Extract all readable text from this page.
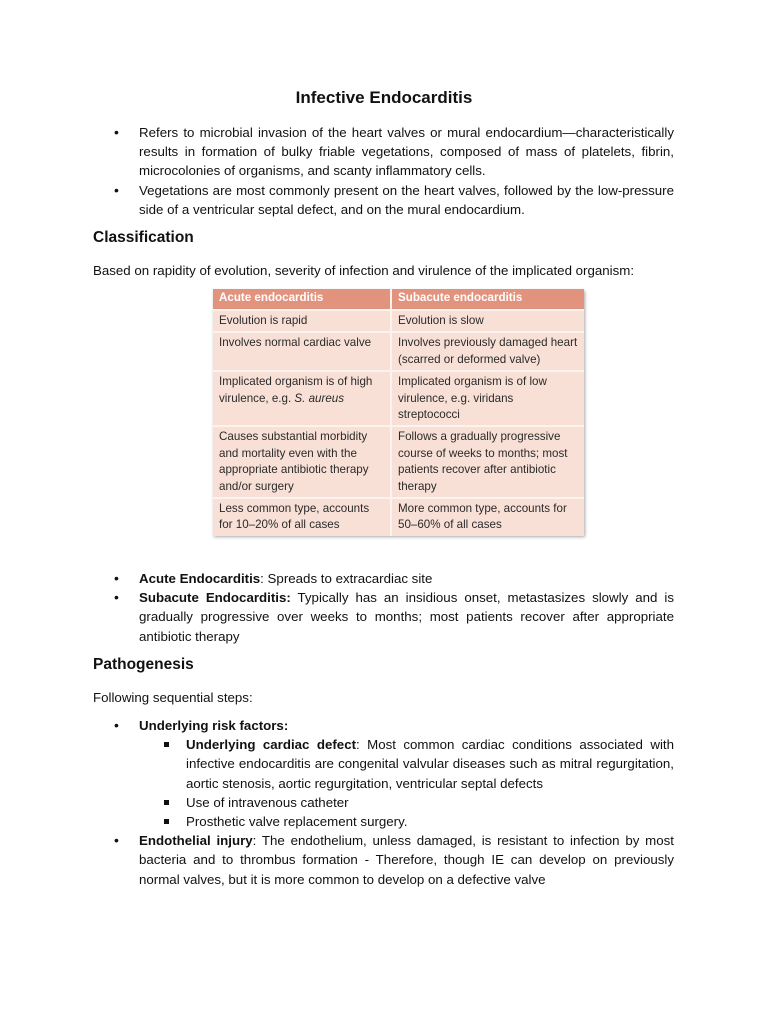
Infective Endocarditis
• Refers to microbial invasion of the heart valves or mural endocardium—characteristically results in formation of bulky friable vegetations, composed of mass of platelets, fibrin, microcolonies of organisms, and scanty inflammatory cells.
• Vegetations are most commonly present on the heart valves, followed by the low-pressure side of a ventricular septal defect, and on the mural endocardium.
Classification
Based on rapidity of evolution, severity of infection and virulence of the implicated organism:
Acute endocarditis	Subacute endocarditis
Evolution is rapid	Evolution is slow
Involves normal cardiac valve	Involves previously damaged heart (scarred or deformed valve)
Implicated organism is of high virulence, e.g. S. aureus	Implicated organism is of low virulence, e.g. viridans streptococci
Causes substantial morbidity and mortality even with the appropriate antibiotic therapy and/or surgery	Follows a gradually progressive course of weeks to months; most patients recover after antibiotic therapy
Less common type, accounts for 10–20% of all cases	More common type, accounts for 50–60% of all cases
• Acute Endocarditis: Spreads to extracardiac site
• Subacute Endocarditis: Typically has an insidious onset, metastasizes slowly and is gradually progressive over weeks to months; most patients recover after appropriate antibiotic therapy
Pathogenesis
Following sequential steps:
• Underlying risk factors:
Underlying cardiac defect: Most common cardiac conditions associated with infective endocarditis are congenital valvular diseases such as mitral regurgitation, aortic stenosis, aortic regurgitation, ventricular septal defects
Use of intravenous catheter
Prosthetic valve replacement surgery.
• Endothelial injury: The endothelium, unless damaged, is resistant to infection by most bacteria and to thrombus formation - Therefore, though IE can develop on previously normal valves, but it is more common to develop on a defective valve
